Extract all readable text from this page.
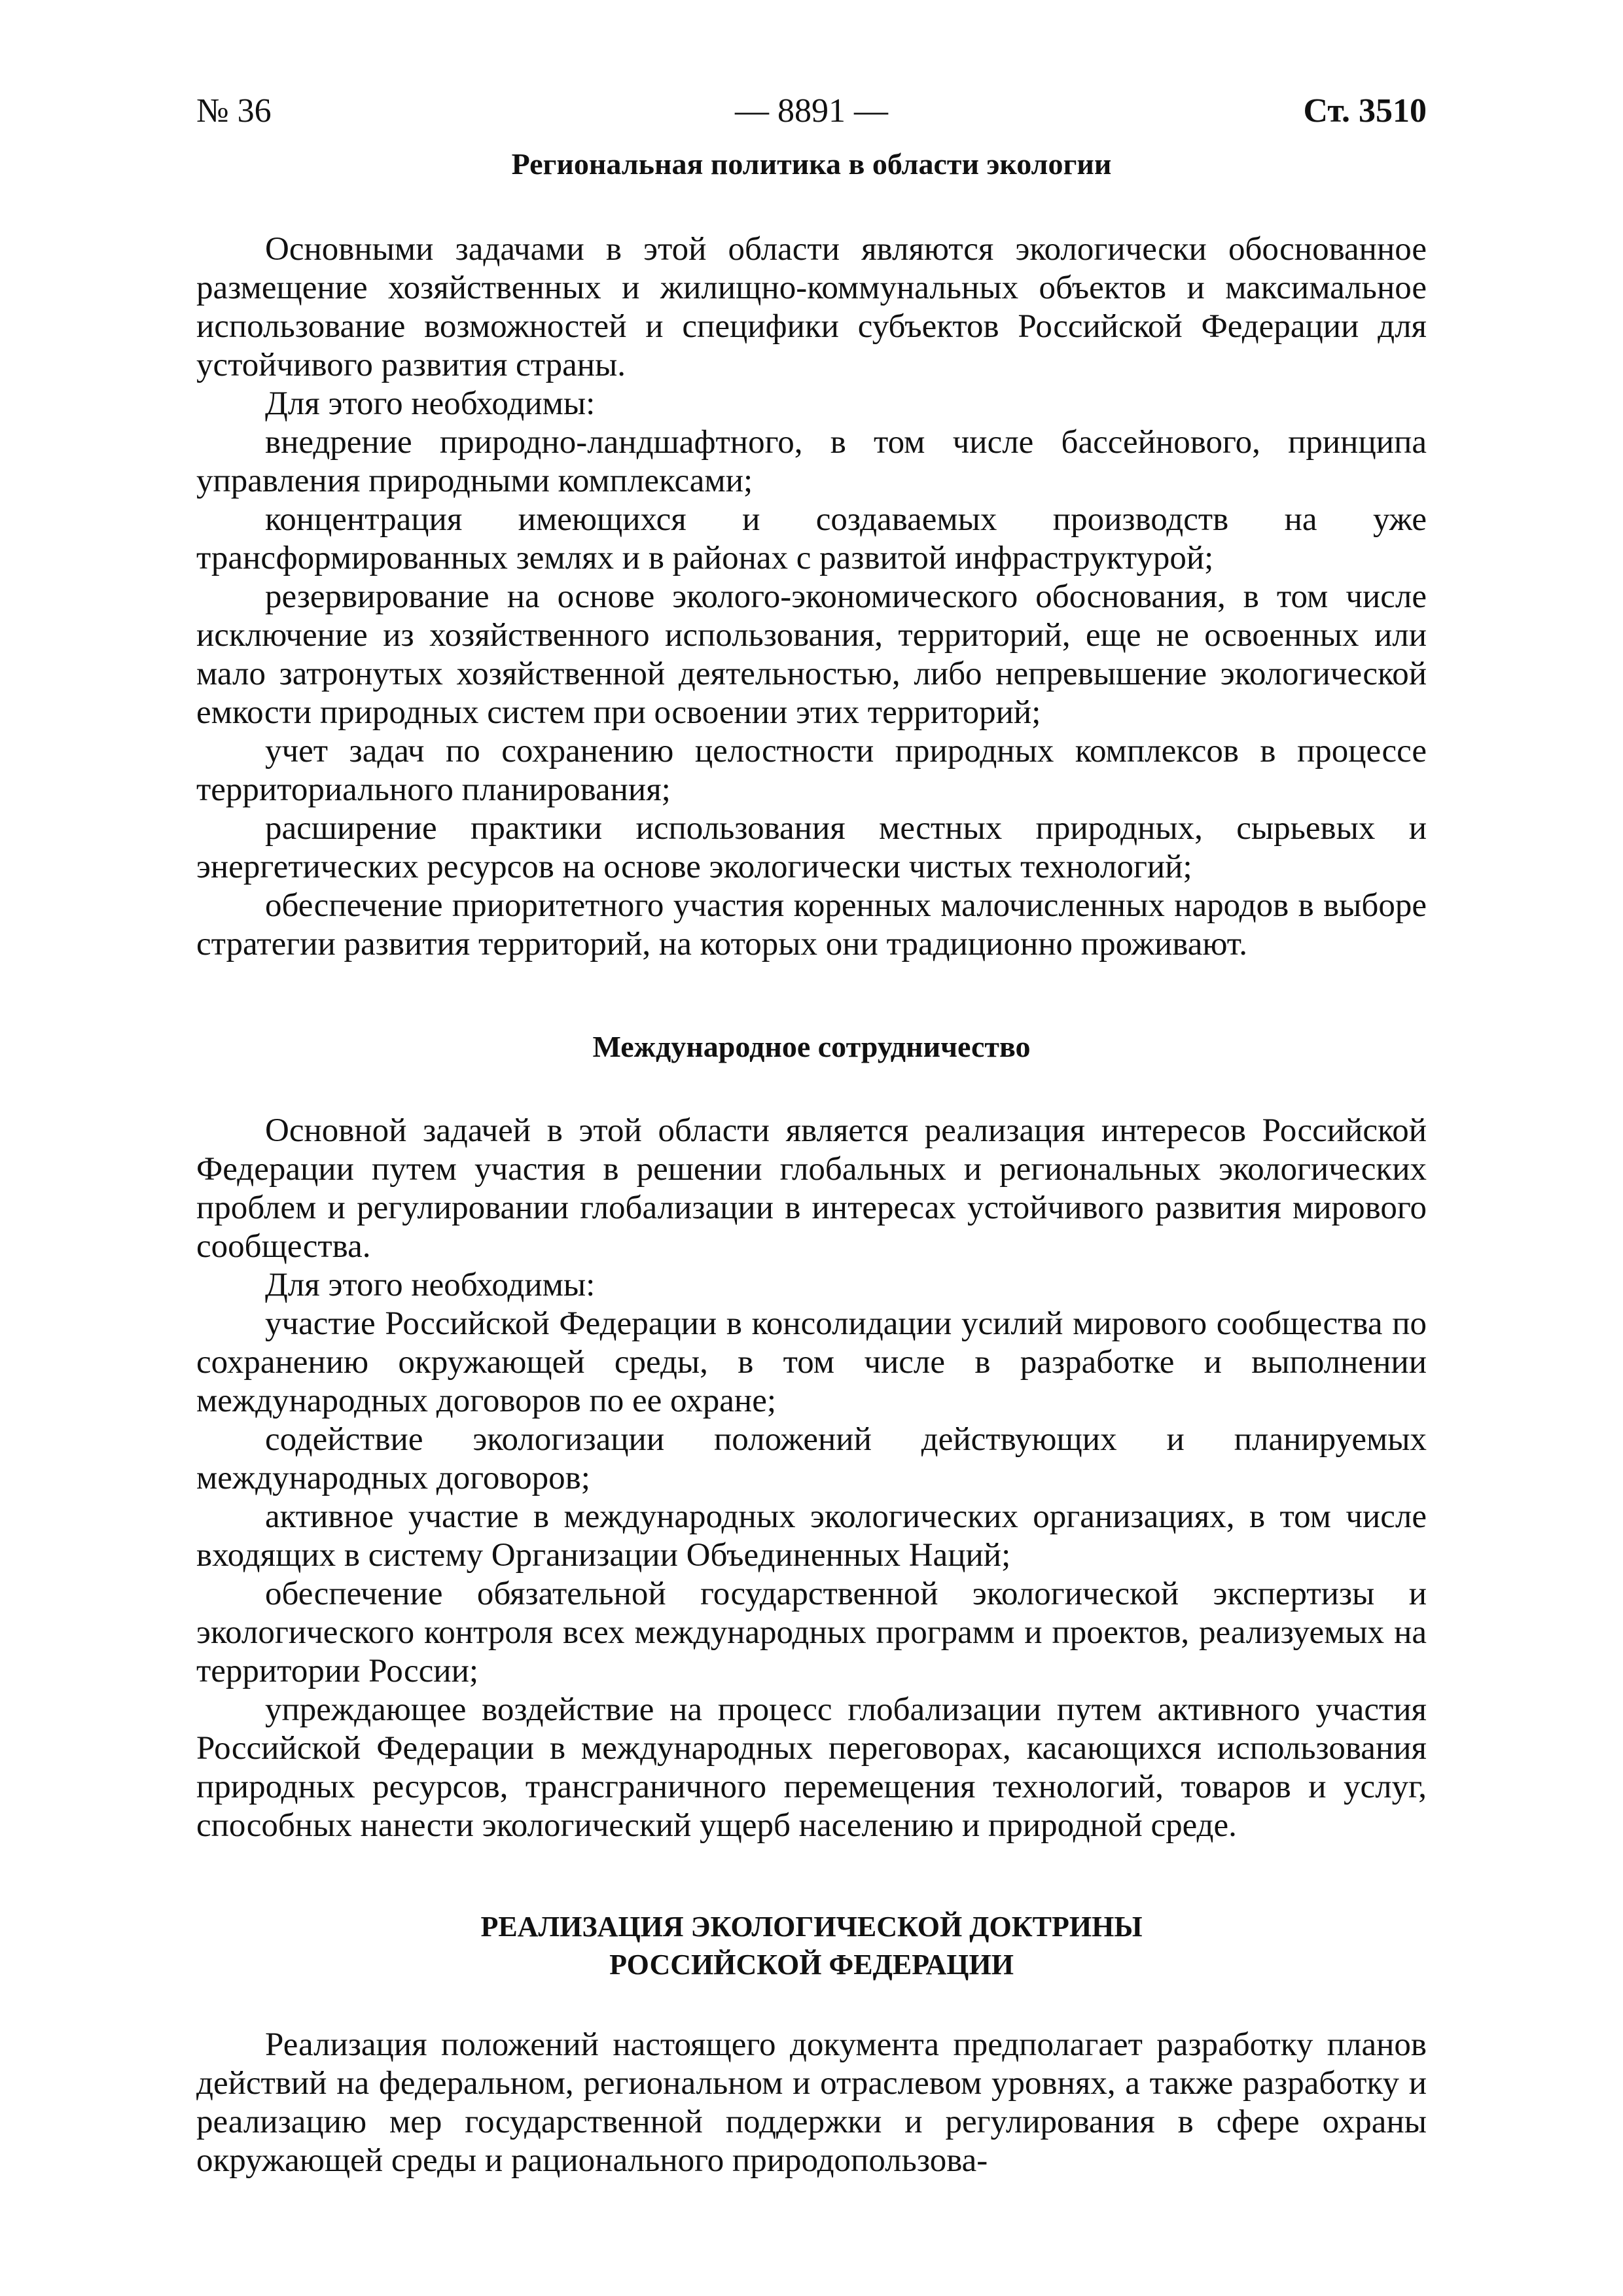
№ 36	— 8891 —	Ст. 3510
Региональная политика в области экологии

Основными задачами в этой области являются экологически обоснованное размещение хозяйственных и жилищно-коммунальных объектов и максимальное использование возможностей и специфики субъектов Российской Федерации для устойчивого развития страны.

Для этого необходимы:

внедрение природно-ландшафтного, в том числе бассейнового, принципа управления природными комплексами;

концентрация имеющихся и создаваемых производств на уже трансформированных землях и в районах с развитой инфраструктурой;

резервирование на основе эколого-экономического обоснования, в том числе исключение из хозяйственного использования, территорий, еще не освоенных или мало затронутых хозяйственной деятельностью, либо непревышение экологической емкости природных систем при освоении этих территорий;

учет задач по сохранению целостности природных комплексов в процессе территориального планирования;

расширение практики использования местных природных, сырьевых и энергетических ресурсов на основе экологически чистых технологий;

обеспечение приоритетного участия коренных малочисленных народов в выборе стратегии развития территорий, на которых они традиционно проживают.

Международное сотрудничество

Основной задачей в этой области является реализация интересов Российской Федерации путем участия в решении глобальных и региональных экологических проблем и регулировании глобализации в интересах устойчивого развития мирового сообщества.

Для этого необходимы:

участие Российской Федерации в консолидации усилий мирового сообщества по сохранению окружающей среды, в том числе в разработке и выполнении международных договоров по ее охране;

содействие экологизации положений действующих и планируемых международных договоров;

активное участие в международных экологических организациях, в том числе входящих в систему Организации Объединенных Наций;

обеспечение обязательной государственной экологической экспертизы и экологического контроля всех международных программ и проектов, реализуемых на территории России;

упреждающее воздействие на процесс глобализации путем активного участия Российской Федерации в международных переговорах, касающихся использования природных ресурсов, трансграничного перемещения технологий, товаров и услуг, способных нанести экологический ущерб населению и природной среде.

РЕАЛИЗАЦИЯ ЭКОЛОГИЧЕСКОЙ ДОКТРИНЫ
РОССИЙСКОЙ ФЕДЕРАЦИИ

Реализация положений настоящего документа предполагает разработку планов действий на федеральном, региональном и отраслевом уровнях, а также разработку и реализацию мер государственной поддержки и регулирования в сфере охраны окружающей среды и рационального природопользова-
